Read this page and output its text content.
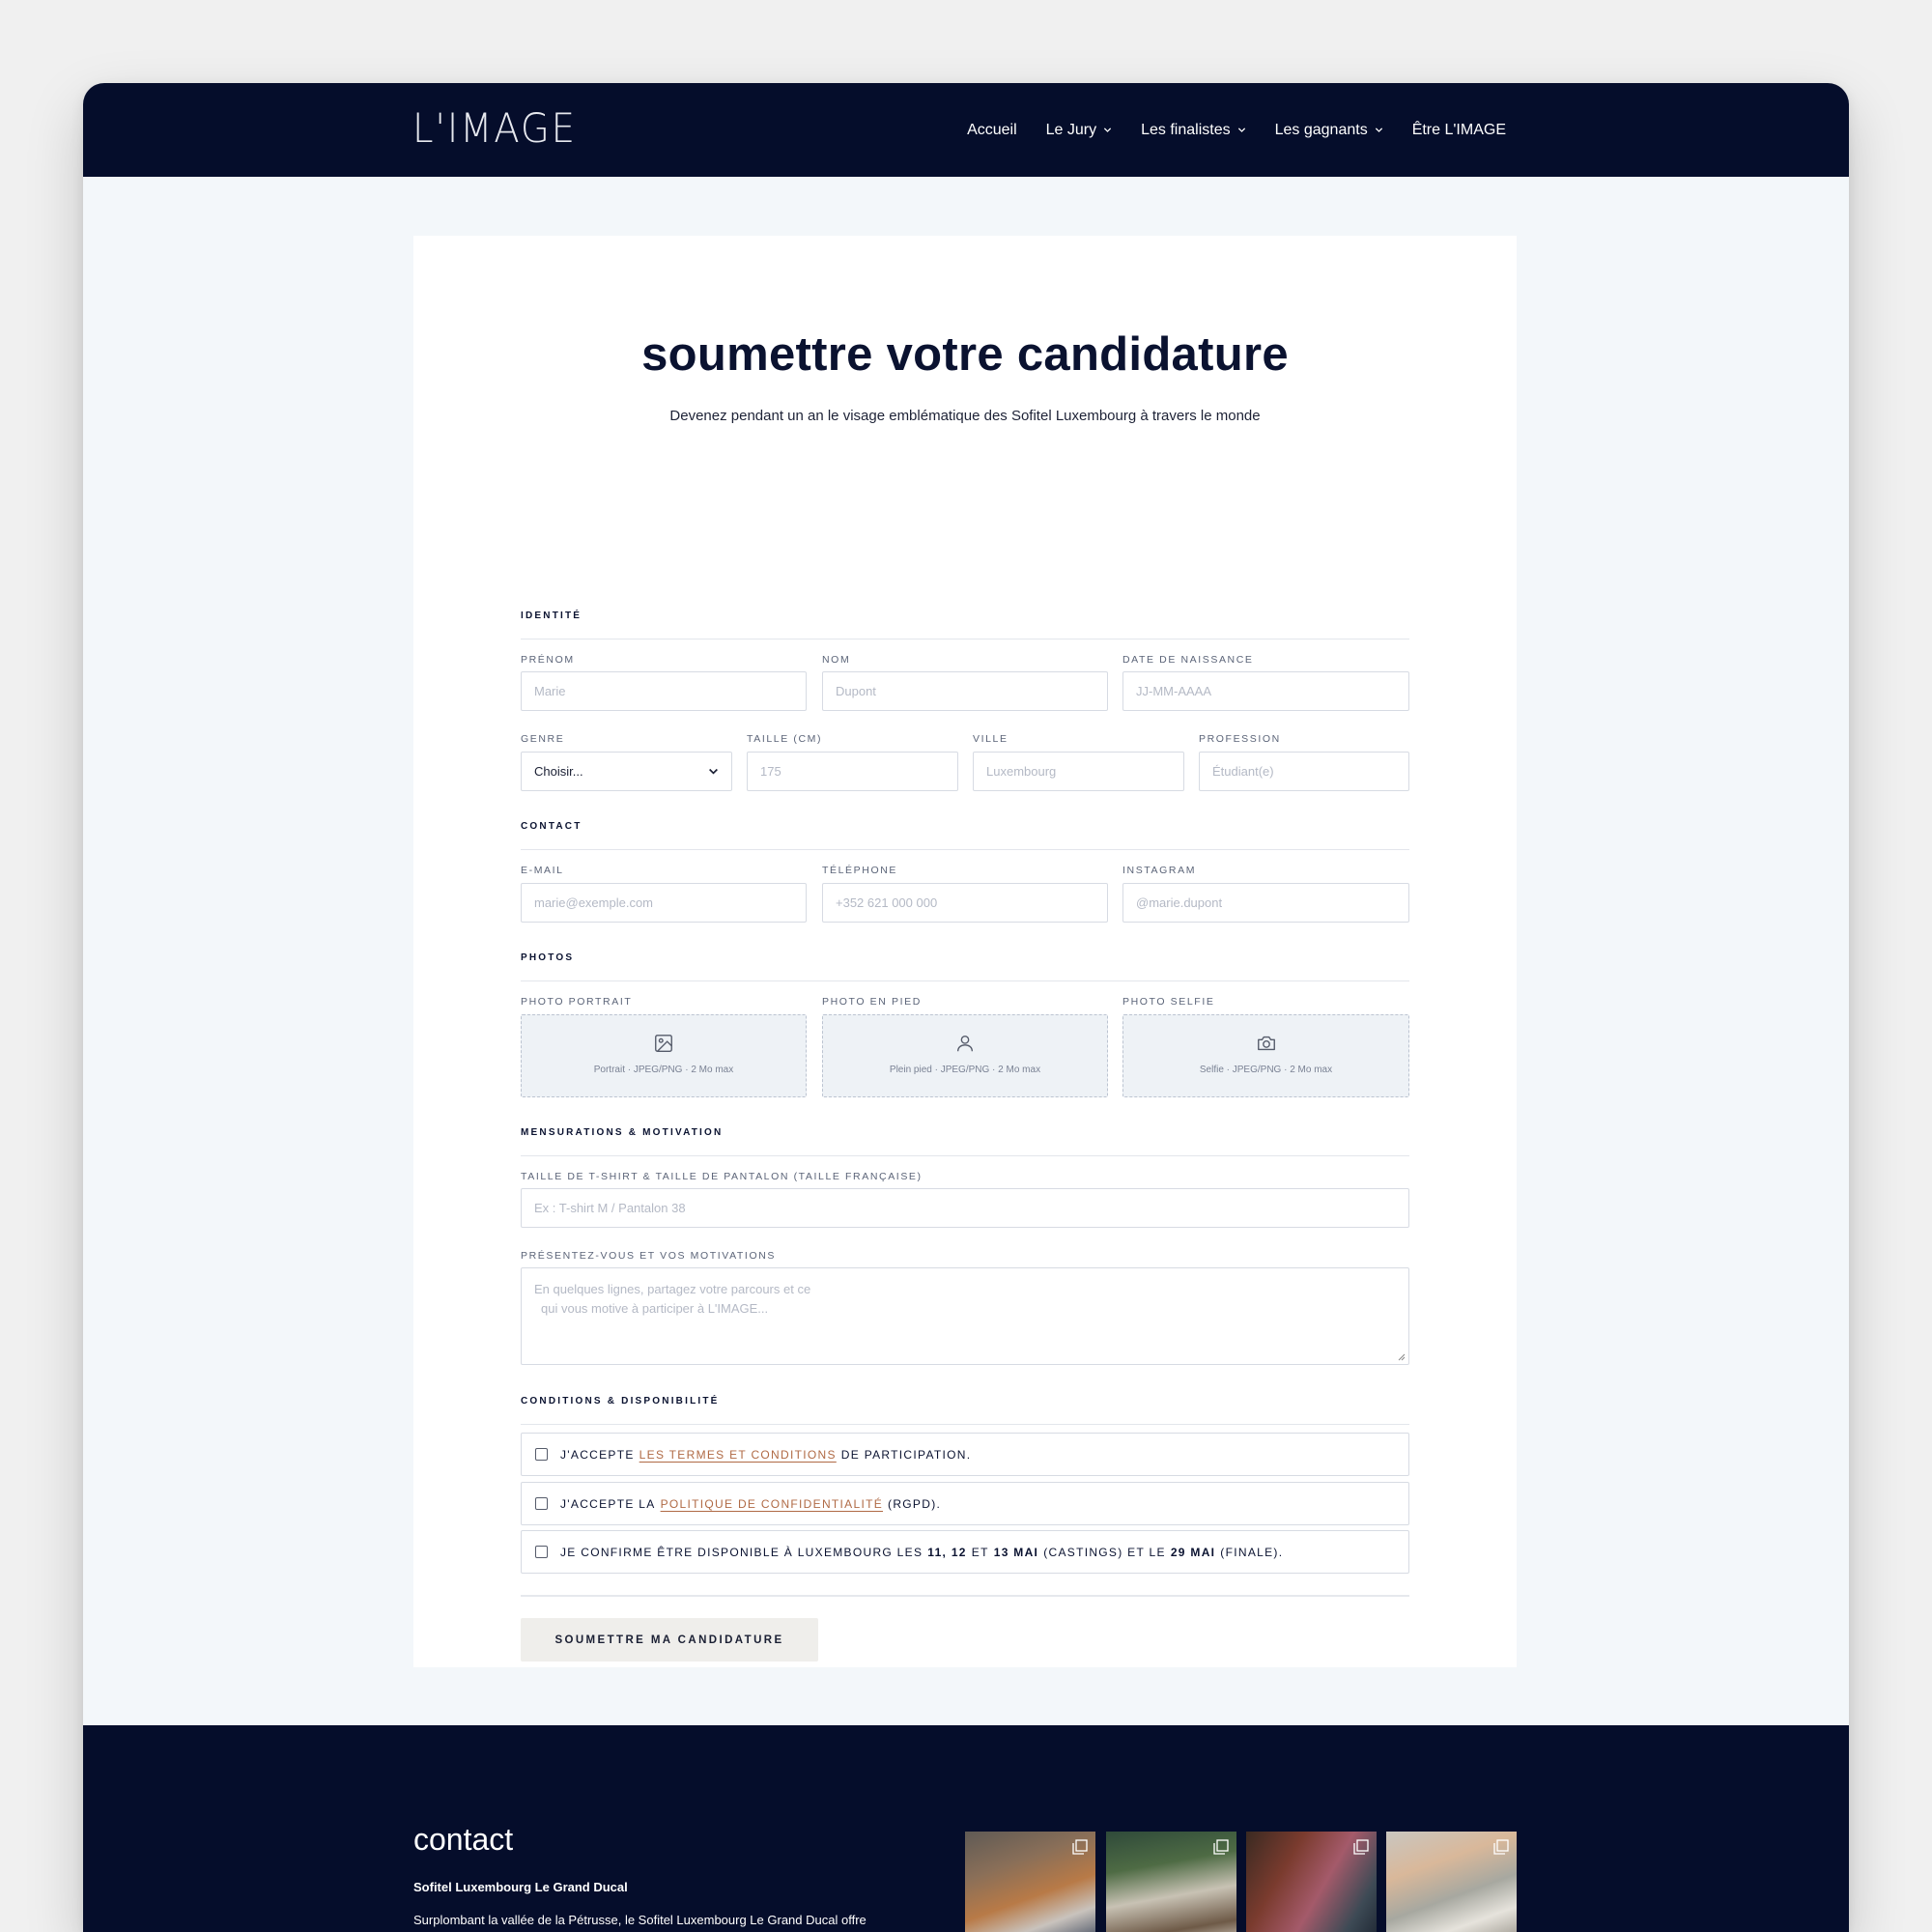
L'IMAGE	Accueil Le Jury	Les finalistes	Les gagnants	Être L'IMAGE
soumettre votre candidature

Devenez pendant un an le visage emblématique des Sofitel Luxembourg à travers le monde

IDENTITÉ
PRÉNOM
Marie
NOM
Dupont
DATE DE NAISSANCE
JJ-MM-AAAA
GENRE
Choisir...
TAILLE (CM)
175
VILLE
Luxembourg
PROFESSION
Étudiant(e)
CONTACT
E-MAIL
marie@exemple.com
TÉLÉPHONE
+352 621 000 000
INSTAGRAM
@marie.dupont
PHOTOS
PHOTO PORTRAIT
Portrait · JPEG/PNG · 2 Mo max
PHOTO EN PIED
Plein pied · JPEG/PNG · 2 Mo max
PHOTO SELFIE
Selfie · JPEG/PNG · 2 Mo max
MENSURATIONS & MOTIVATION
TAILLE DE T-SHIRT & TAILLE DE PANTALON (TAILLE FRANÇAISE)
Ex : T-shirt M / Pantalon 38
PRÉSENTEZ-VOUS ET VOS MOTIVATIONS
En quelques lignes, partagez votre parcours et ce
qui vous motive à participer à L'IMAGE...
CONDITIONS & DISPONIBILITÉ
J'ACCEPTE LES TERMES ET CONDITIONS DE PARTICIPATION.
J'ACCEPTE LA POLITIQUE DE CONFIDENTIALITÉ (RGPD).
JE CONFIRME ÊTRE DISPONIBLE À LUXEMBOURG LES 11, 12 ET 13 MAI (CASTINGS) ET LE 29 MAI (FINALE).
SOUMETTRE MA CANDIDATURE
contact
Sofitel Luxembourg Le Grand Ducal
Surplombant la vallée de la Pétrusse, le Sofitel Luxembourg Le Grand Ducal offre
